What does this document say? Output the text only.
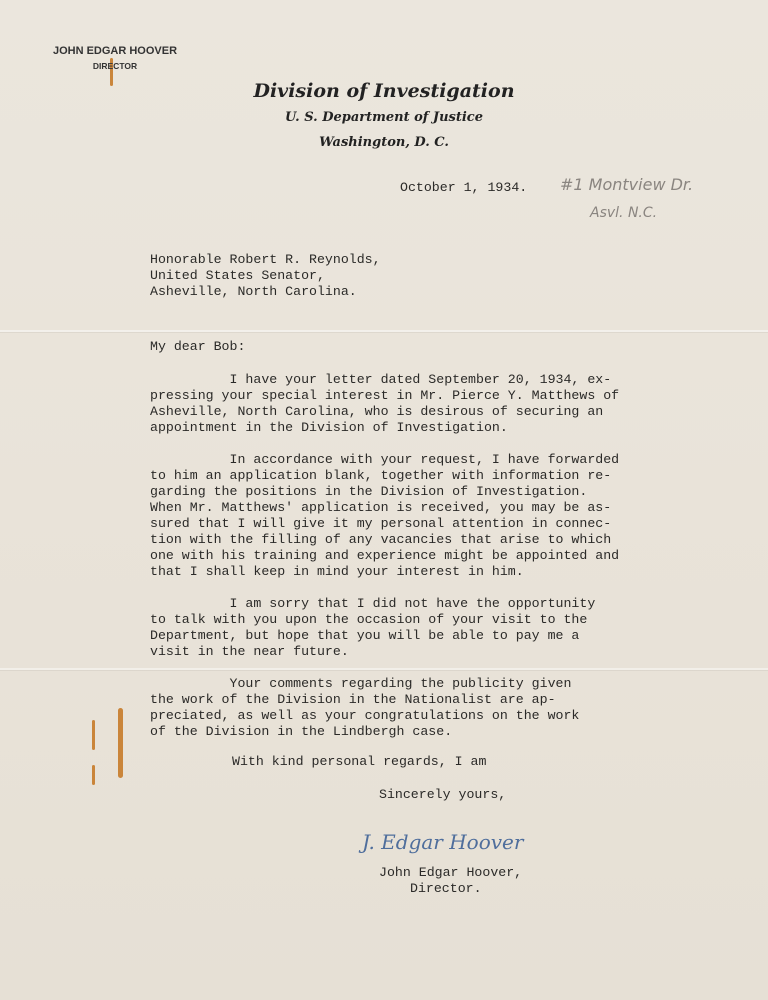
JOHN EDGAR HOOVER
DIRECTOR
Division of Investigation
U. S. Department of Justice
Washington, D. C.
October 1, 1934. #1 Montview Dr.
Asvl. N.C.
Honorable Robert R. Reynolds,
United States Senator,
Asheville, North Carolina.
My dear Bob:
I have your letter dated September 20, 1934, ex-
pressing your special interest in Mr. Pierce Y. Matthews of
Asheville, North Carolina, who is desirous of securing an
appointment in the Division of Investigation.
In accordance with your request, I have forwarded
to him an application blank, together with information re-
garding the positions in the Division of Investigation.
When Mr. Matthews' application is received, you may be as-
sured that I will give it my personal attention in connec-
tion with the filling of any vacancies that arise to which
one with his training and experience might be appointed and
that I shall keep in mind your interest in him.
I am sorry that I did not have the opportunity
to talk with you upon the occasion of your visit to the
Department, but hope that you will be able to pay me a
visit in the near future.
Your comments regarding the publicity given
the work of the Division in the Nationalist are ap-
preciated, as well as your congratulations on the work
of the Division in the Lindbergh case.
With kind personal regards, I am
Sincerely yours,
J. Edgar Hoover
John Edgar Hoover,
Director.
